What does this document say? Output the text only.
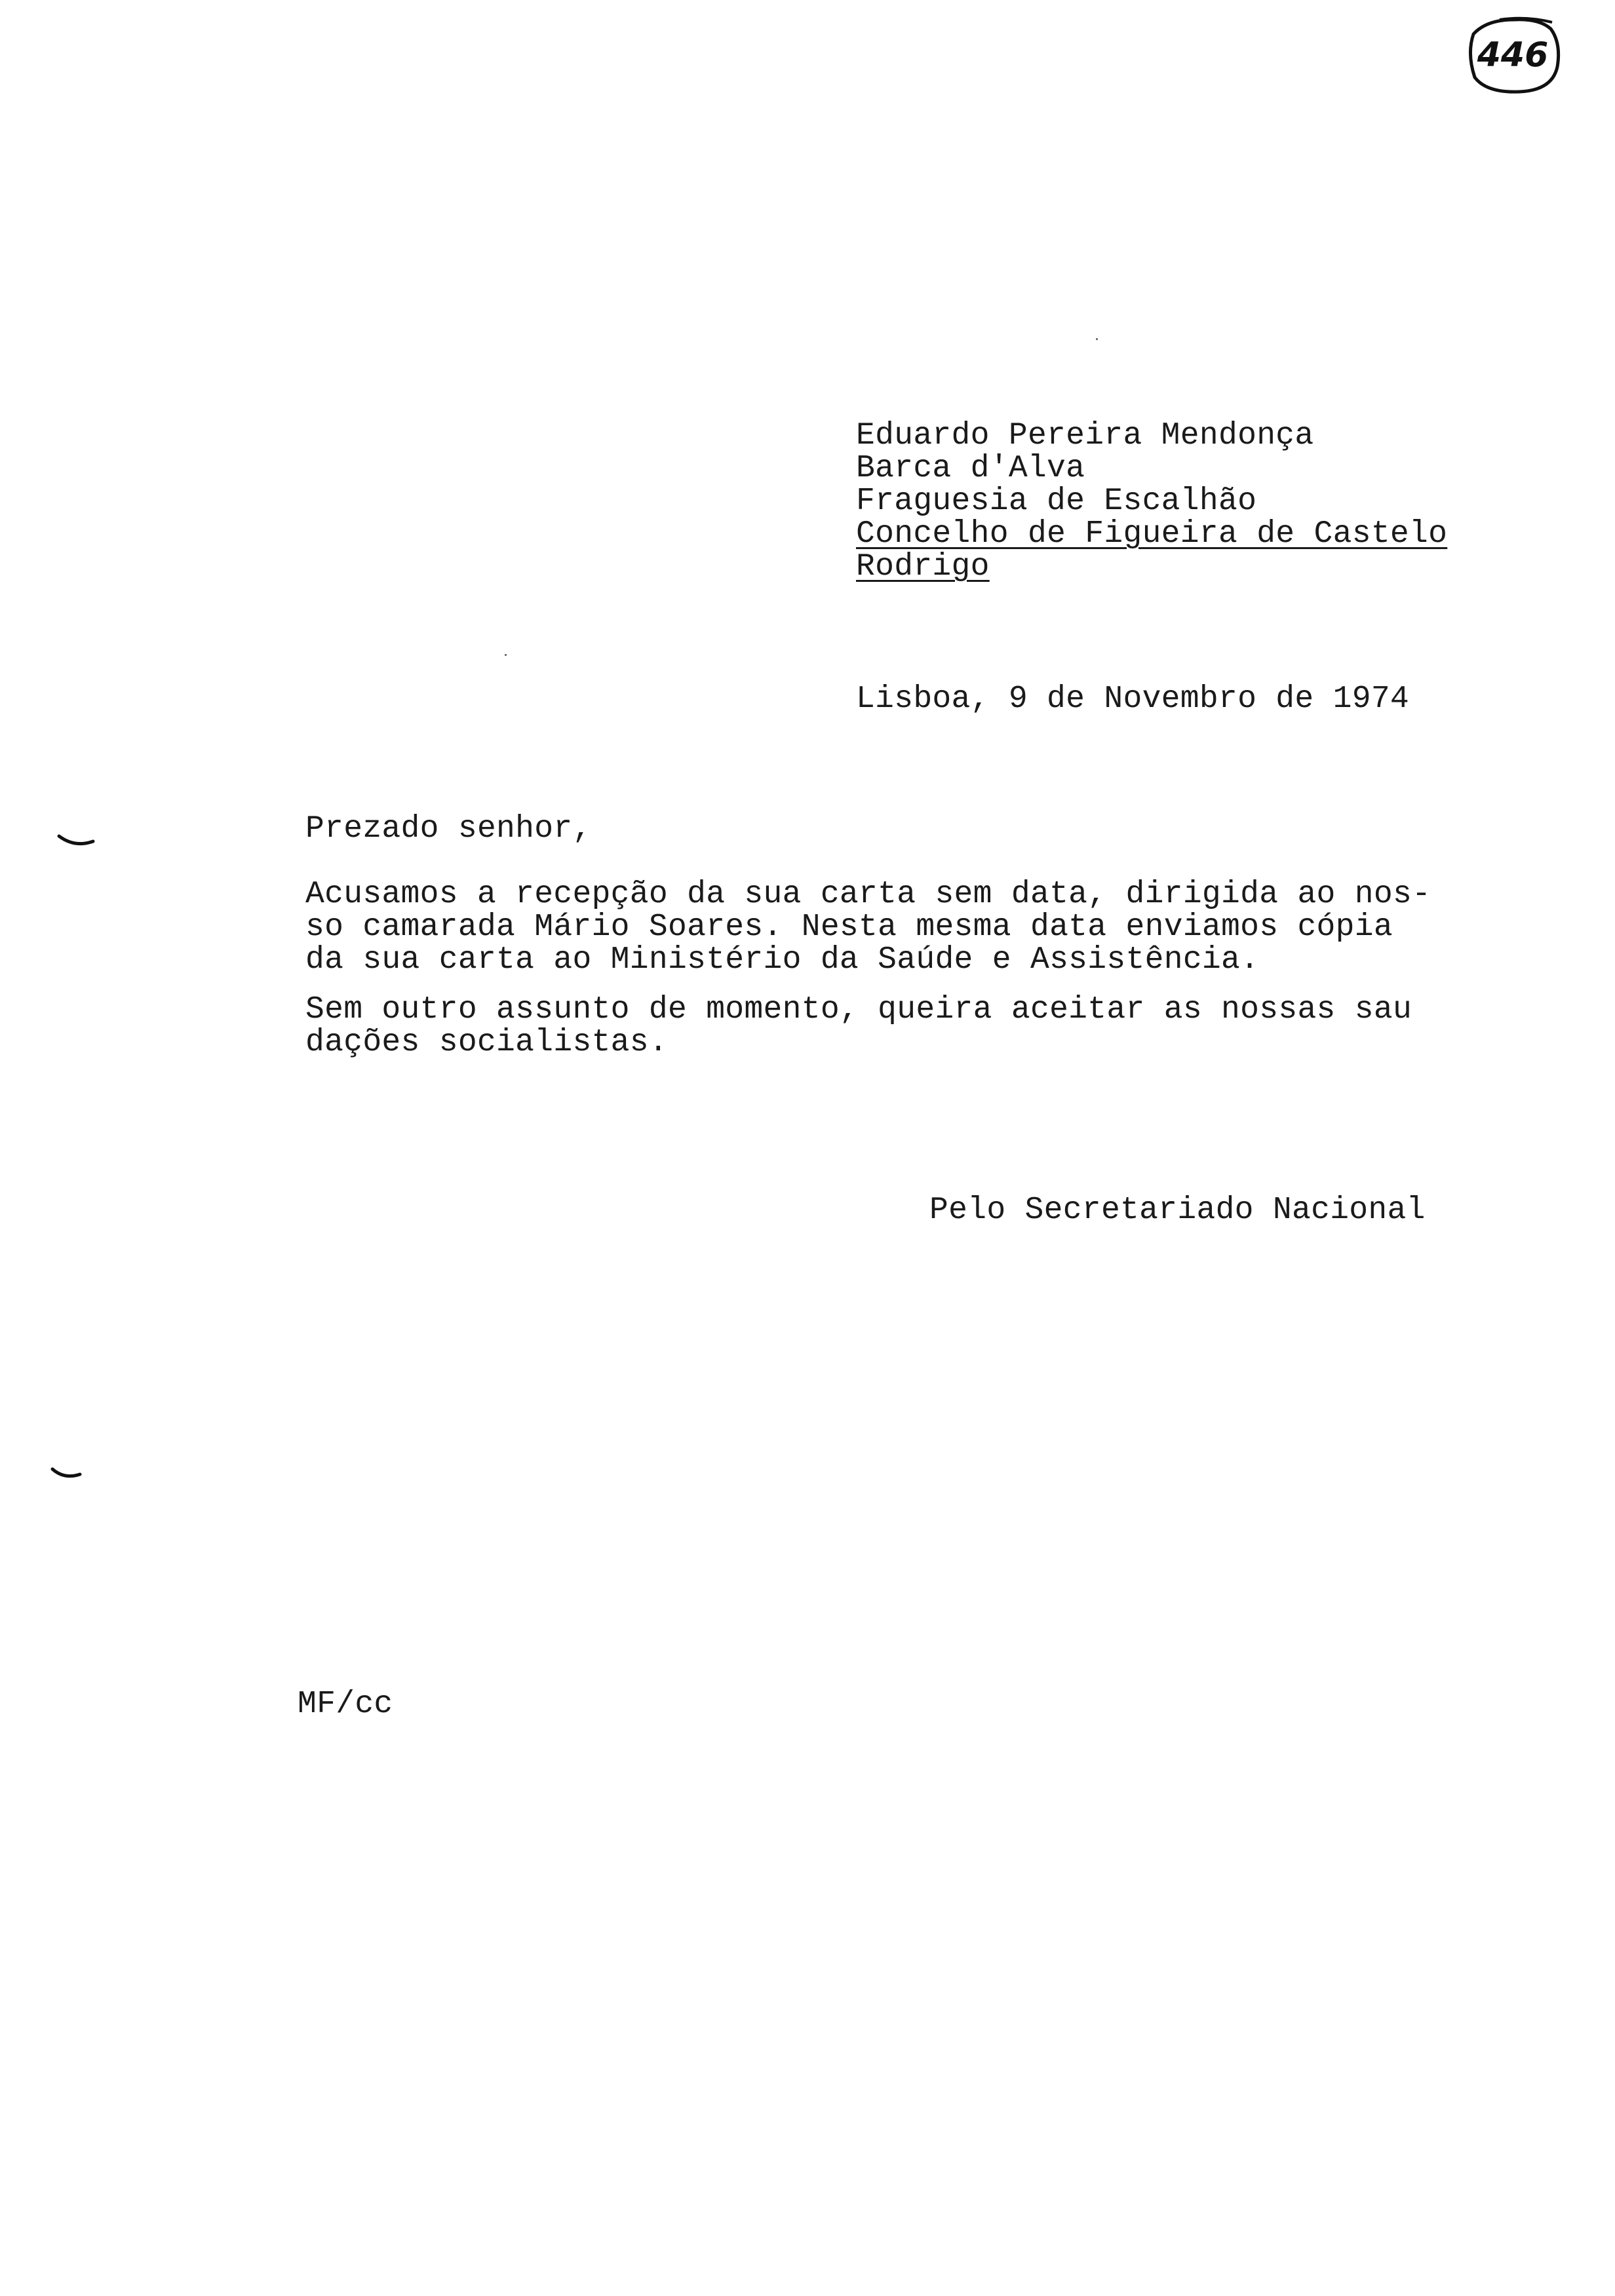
446
Eduardo Pereira Mendonça
Barca d'Alva
Fraguesia de Escalhão
Concelho de Figueira de Castelo
Rodrigo
Lisboa, 9 de Novembro de 1974
Prezado senhor,
Acusamos a recepção da sua carta sem data, dirigida ao nos-
so camarada Mário Soares. Nesta mesma data enviamos cópia
da sua carta ao Ministério da Saúde e Assistência.
Sem outro assunto de momento, queira aceitar as nossas sau
dações socialistas.
Pelo Secretariado Nacional
MF/cc
